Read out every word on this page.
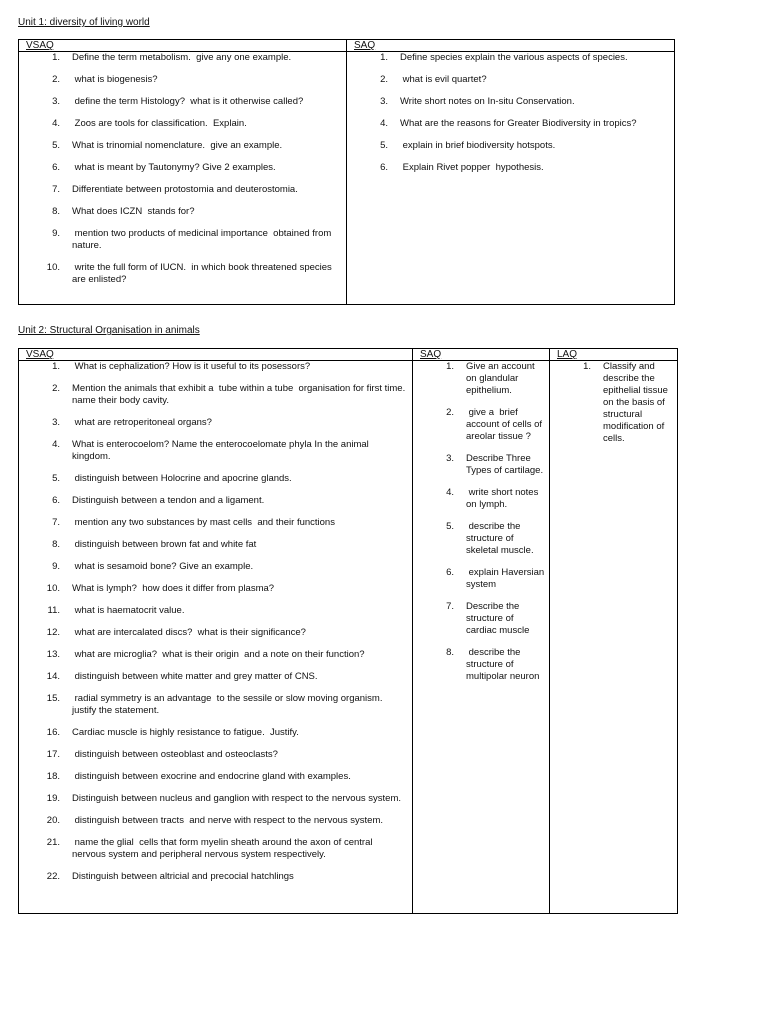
Unit 1: diversity of living world
VSAQ
1. Define the term metabolism.  give any one example.
2. what is biogenesis?
3. define the term Histology?  what is it otherwise called?
4. Zoos are tools for classification.  Explain.
5. What is trinomial nomenclature.  give an example.
6. what is meant by Tautonymy? Give 2 examples.
7. Differentiate between protostomia and deuterostomia.
8. What does ICZN  stands for?
9. mention two products of medicinal importance  obtained from nature.
10. write the full form of IUCN.  in which book threatened species are enlisted?
SAQ
1. Define species explain the various aspects of species.
2. what is evil quartet?
3. Write short notes on In-situ Conservation.
4. What are the reasons for Greater Biodiversity in tropics?
5. explain in brief biodiversity hotspots.
6. Explain Rivet popper  hypothesis.
Unit 2: Structural Organisation in animals
VSAQ
1. What is cephalization? How is it useful to its posessors?
2. Mention the animals that exhibit a  tube within a tube  organisation for first time.  name their body cavity.
3. what are retroperitoneal organs?
4. What is enterocoelom? Name the enterocoelomate phyla In the animal kingdom.
5. distinguish between Holocrine and apocrine glands.
6. Distinguish between a tendon and a ligament.
7. mention any two substances by mast cells  and their functions
8. distinguish between brown fat and white fat
9. what is sesamoid bone? Give an example.
10. What is lymph?  how does it differ from plasma?
11. what is haematocrit value.
12. what are intercalated discs?  what is their significance?
13. what are microglia?  what is their origin  and a note on their function?
14. distinguish between white matter and grey matter of CNS.
15. radial symmetry is an advantage  to the sessile or slow moving organism.  justify the statement.
16. Cardiac muscle is highly resistance to fatigue.  Justify.
17. distinguish between osteoblast and osteoclasts?
18. distinguish between exocrine and endocrine gland with examples.
19. Distinguish between nucleus and ganglion with respect to the nervous system.
20. distinguish between tracts  and nerve with respect to the nervous system.
21. name the glial  cells that form myelin sheath around the axon of central nervous system and peripheral nervous system respectively.
22. Distinguish between altricial and precocial hatchlings
SAQ
1. Give an account on glandular epithelium.
2. give a  brief account of cells of areolar tissue ?
3. Describe Three Types of cartilage.
4. write short notes on lymph.
5. describe the structure of skeletal muscle.
6. explain Haversian system
7. Describe the structure of cardiac muscle
8. describe the structure of multipolar neuron
LAQ
1. Classify and describe the epithelial tissue on the basis of structural modification of cells.
